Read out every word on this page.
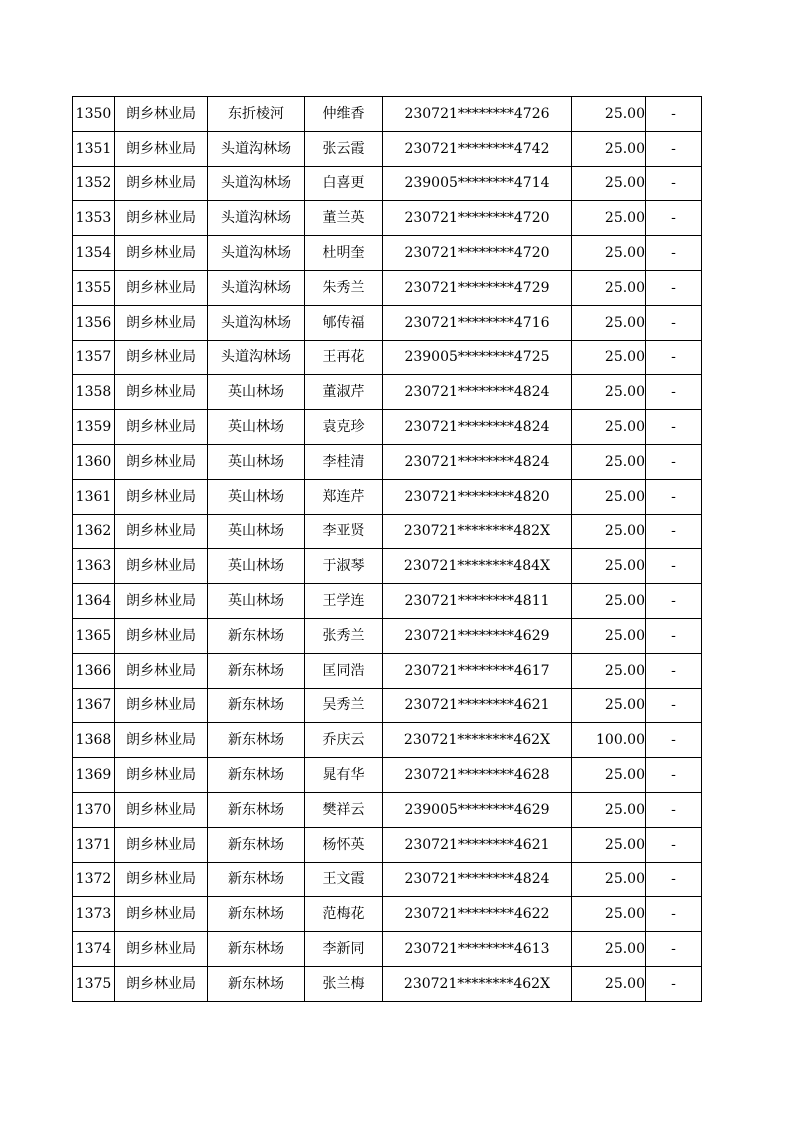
1350	朗乡林业局	东折棱河	仲维香	230721********4726	25.00	-
1351	朗乡林业局	头道沟林场	张云霞	230721********4742	25.00	-
1352	朗乡林业局	头道沟林场	白喜更	239005********4714	25.00	-
1353	朗乡林业局	头道沟林场	董兰英	230721********4720	25.00	-
1354	朗乡林业局	头道沟林场	杜明奎	230721********4720	25.00	-
1355	朗乡林业局	头道沟林场	朱秀兰	230721********4729	25.00	-
1356	朗乡林业局	头道沟林场	郇传福	230721********4716	25.00	-
1357	朗乡林业局	头道沟林场	王再花	239005********4725	25.00	-
1358	朗乡林业局	英山林场	董淑芹	230721********4824	25.00	-
1359	朗乡林业局	英山林场	袁克珍	230721********4824	25.00	-
1360	朗乡林业局	英山林场	李桂清	230721********4824	25.00	-
1361	朗乡林业局	英山林场	郑连芹	230721********4820	25.00	-
1362	朗乡林业局	英山林场	李亚贤	230721********482X	25.00	-
1363	朗乡林业局	英山林场	于淑琴	230721********484X	25.00	-
1364	朗乡林业局	英山林场	王学连	230721********4811	25.00	-
1365	朗乡林业局	新东林场	张秀兰	230721********4629	25.00	-
1366	朗乡林业局	新东林场	匡同浩	230721********4617	25.00	-
1367	朗乡林业局	新东林场	吴秀兰	230721********4621	25.00	-
1368	朗乡林业局	新东林场	乔庆云	230721********462X	100.00	-
1369	朗乡林业局	新东林场	晁有华	230721********4628	25.00	-
1370	朗乡林业局	新东林场	樊祥云	239005********4629	25.00	-
1371	朗乡林业局	新东林场	杨怀英	230721********4621	25.00	-
1372	朗乡林业局	新东林场	王文霞	230721********4824	25.00	-
1373	朗乡林业局	新东林场	范梅花	230721********4622	25.00	-
1374	朗乡林业局	新东林场	李新同	230721********4613	25.00	-
1375	朗乡林业局	新东林场	张兰梅	230721********462X	25.00	-
